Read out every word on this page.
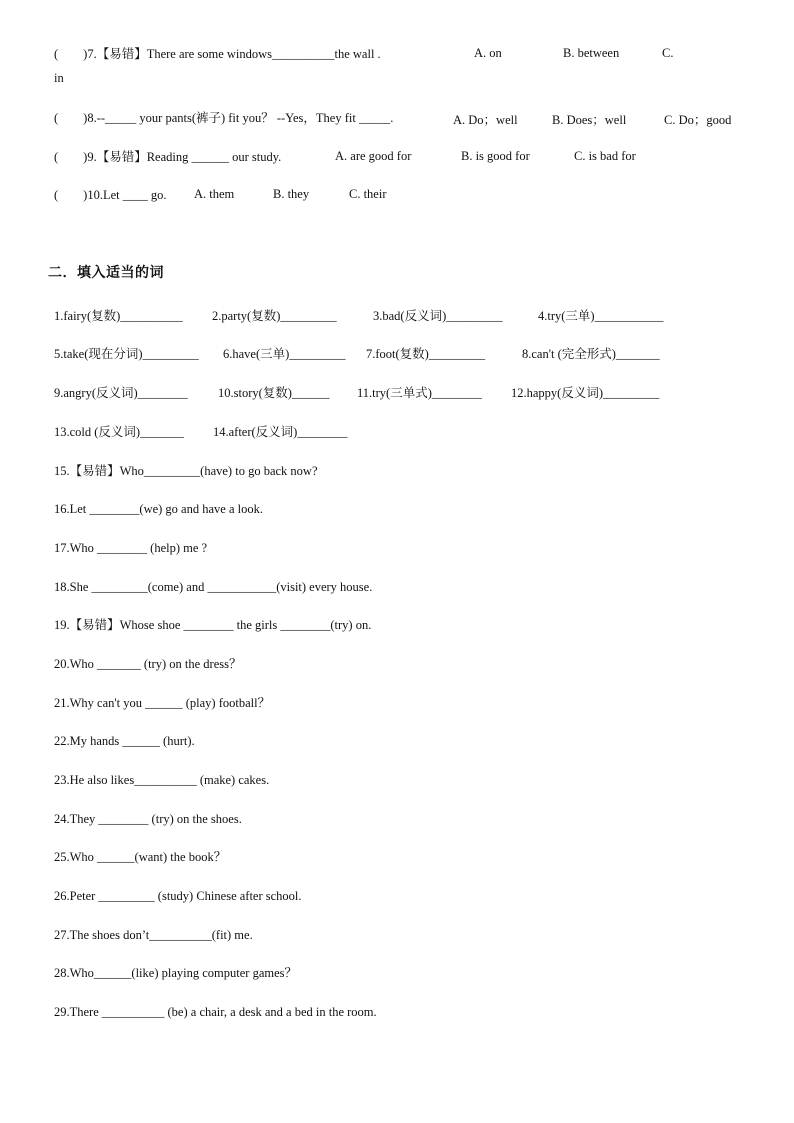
(　　)7.【易错】There are some windows__________the wall .	A. on	B. between	C.
in
(　　)8.--_____ your pants(裤子) fit you？ --Yes，They fit _____.	A. Do；well	B. Does；well	C. Do；good
(　　)9.【易错】Reading ______ our study.	A. are good for	B. is good for	C. is bad for
(　　)10.Let ____ go. A. them	B. they	C. their
二．填入适当的词
1.fairy(复数)__________ 2.party(复数)_________	3.bad(反义词)_________	4.try(三单)___________
5.take(现在分词)_________ 6.have(三单)_________ 7.foot(复数)_________	8.can't (完全形式)_______
9.angry(反义词)________ 10.story(复数)______ 11.try(三单式)________ 12.happy(反义词)_________
13.cold (反义词)_______ 14.after(反义词)________
15.【易错】Who_________(have) to go back now?
16.Let ________(we) go and have a look.
17.Who ________ (help) me ?
18.She _________(come) and ___________(visit) every house.
19.【易错】Whose shoe ________ the girls ________(try) on.
20.Who _______ (try) on the dress？
21.Why can't you ______ (play) football？
22.My hands ______ (hurt).
23.He also likes__________ (make) cakes.
24.They ________ (try) on the shoes.
25.Who ______(want) the book？
26.Peter _________ (study) Chinese after school.
27.The shoes don’t__________(fit) me.
28.Who______(like) playing computer games？
29.There __________ (be) a chair, a desk and a bed in the room.
